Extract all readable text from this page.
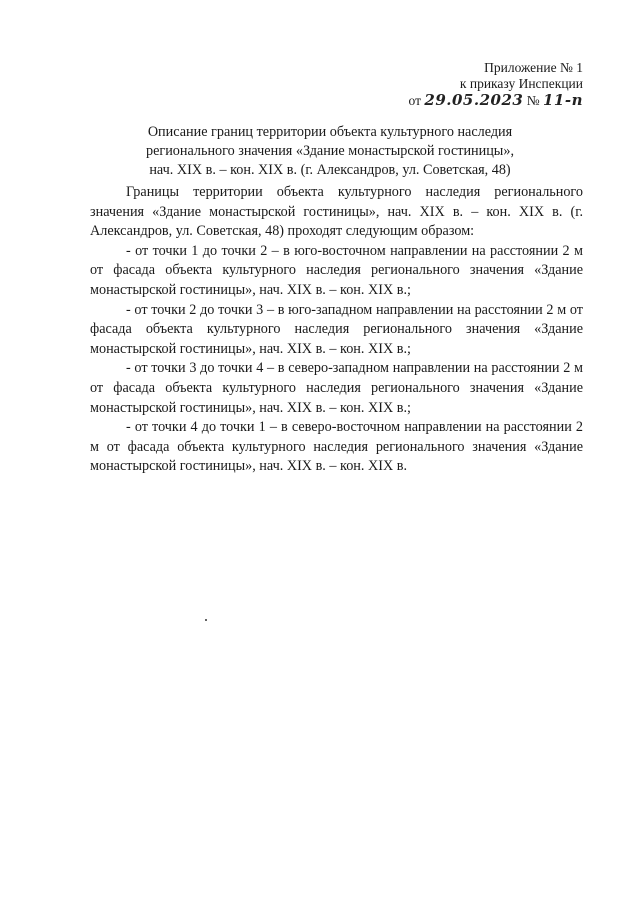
Приложение № 1
к приказу Инспекции
от 29.05.2023 № 11-п
Описание границ территории объекта культурного наследия
регионального значения «Здание монастырской гостиницы»,
нач. XIX в. – кон. XIX в. (г. Александров, ул. Советская, 48)

Границы территории объекта культурного наследия регионального значения «Здание монастырской гостиницы», нач. XIX в. – кон. XIX в. (г. Александров, ул. Советская, 48) проходят следующим образом:

- от точки 1 до точки 2 – в юго-восточном направлении на расстоянии 2 м от фасада объекта культурного наследия регионального значения «Здание монастырской гостиницы», нач. XIX в. – кон. XIX в.;

- от точки 2 до точки 3 – в юго-западном направлении на расстоянии 2 м от фасада объекта культурного наследия регионального значения «Здание монастырской гостиницы», нач. XIX в. – кон. XIX в.;

- от точки 3 до точки 4 – в северо-западном направлении на расстоянии 2 м от фасада объекта культурного наследия регионального значения «Здание монастырской гостиницы», нач. XIX в. – кон. XIX в.;

- от точки 4 до точки 1 – в северо-восточном направлении на расстоянии 2 м от фасада объекта культурного наследия регионального значения «Здание монастырской гостиницы», нач. XIX в. – кон. XIX в.
